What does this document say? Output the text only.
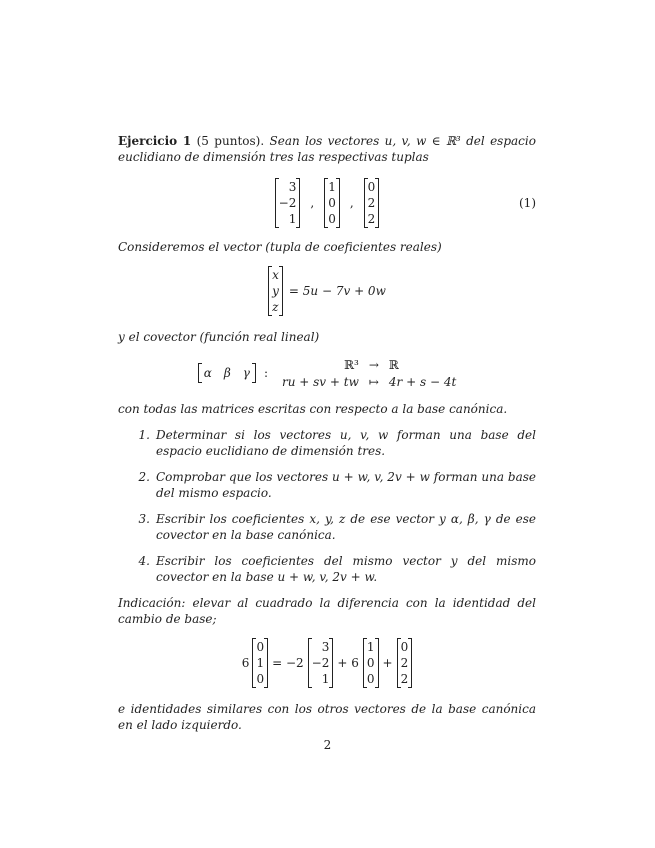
Ejercicio 1 (5 puntos). Sean los vectores u, v, w ∈ ℝ³ del espacio euclidiano de dimensión tres las respectivas tuplas

3
−2
1
,
1
0
0
,
0
2
2
(1)

Consideremos el vector (tupla de coeficientes reales)

x
y
z
= 5u − 7v + 0w

y el covector (función real lineal)

α β γ :
ℝ³ → ℝ
ru + sv + tw ↦ 4r + s − 4t

con todas las matrices escritas con respecto a la base canónica.

1. Determinar si los vectores u, v, w forman una base del espacio euclidiano de dimensión tres.
2. Comprobar que los vectores u + w, v, 2v + w forman una base del mismo espacio.
3. Escribir los coeficientes x, y, z de ese vector y α, β, γ de ese covector en la base canónica.
4. Escribir los coeficientes del mismo vector y del mismo covector en la base u + w, v, 2v + w.

Indicación: elevar al cuadrado la diferencia con la identidad del cambio de base;

6
0
1
0
= −2
3
−2
1
+ 6
1
0
0
+
0
2
2

e identidades similares con los otros vectores de la base canónica en el lado izquierdo.

2
